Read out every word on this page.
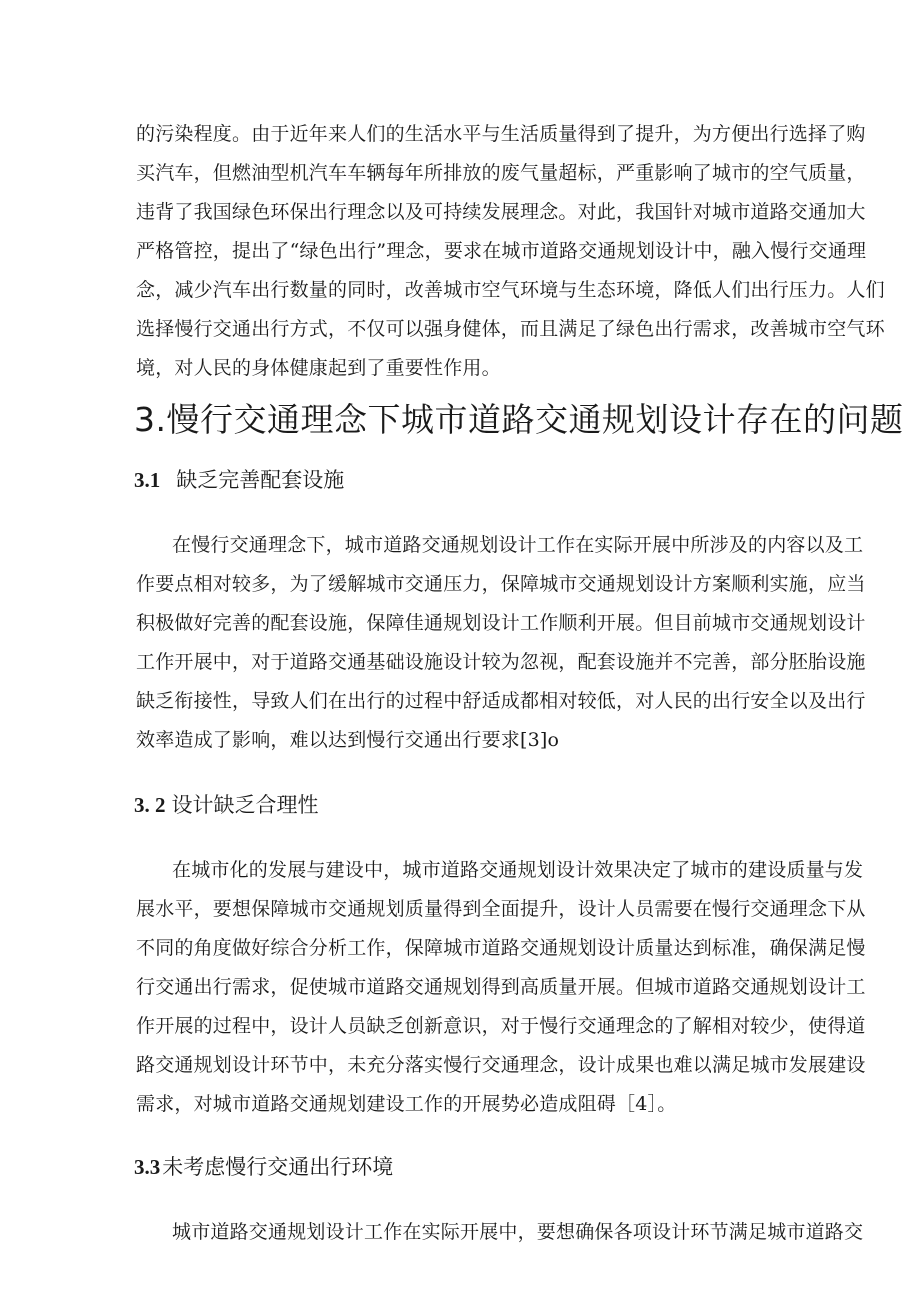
的污染程度。由于近年来人们的生活水平与生活质量得到了提升，为方便出行选择了购
买汽车，但燃油型机汽车车辆每年所排放的废气量超标，严重影响了城市的空气质量，
违背了我国绿色环保出行理念以及可持续发展理念。对此，我国针对城市道路交通加大
严格管控，提出了“绿色出行”理念，要求在城市道路交通规划设计中，融入慢行交通理
念，减少汽车出行数量的同时，改善城市空气环境与生态环境，降低人们出行压力。人们
选择慢行交通出行方式，不仅可以强身健体，而且满足了绿色出行需求，改善城市空气环
境，对人民的身体健康起到了重要性作用。
3.慢行交通理念下城市道路交通规划设计存在的问题
3.1 缺乏完善配套设施
在慢行交通理念下，城市道路交通规划设计工作在实际开展中所涉及的内容以及工
作要点相对较多，为了缓解城市交通压力，保障城市交通规划设计方案顺利实施，应当
积极做好完善的配套设施，保障佳通规划设计工作顺利开展。但目前城市交通规划设计
工作开展中，对于道路交通基础设施设计较为忽视，配套设施并不完善，部分胚胎设施
缺乏衔接性，导致人们在出行的过程中舒适成都相对较低，对人民的出行安全以及出行
效率造成了影响，难以达到慢行交通出行要求[3]o
3. 2 设计缺乏合理性
在城市化的发展与建设中，城市道路交通规划设计效果决定了城市的建设质量与发
展水平，要想保障城市交通规划质量得到全面提升，设计人员需要在慢行交通理念下从
不同的角度做好综合分析工作，保障城市道路交通规划设计质量达到标准，确保满足慢
行交通出行需求，促使城市道路交通规划得到高质量开展。但城市道路交通规划设计工
作开展的过程中，设计人员缺乏创新意识，对于慢行交通理念的了解相对较少，使得道
路交通规划设计环节中，未充分落实慢行交通理念，设计成果也难以满足城市发展建设
需求，对城市道路交通规划建设工作的开展势必造成阻碍［4］。
3.3未考虑慢行交通出行环境
城市道路交通规划设计工作在实际开展中，要想确保各项设计环节满足城市道路交
